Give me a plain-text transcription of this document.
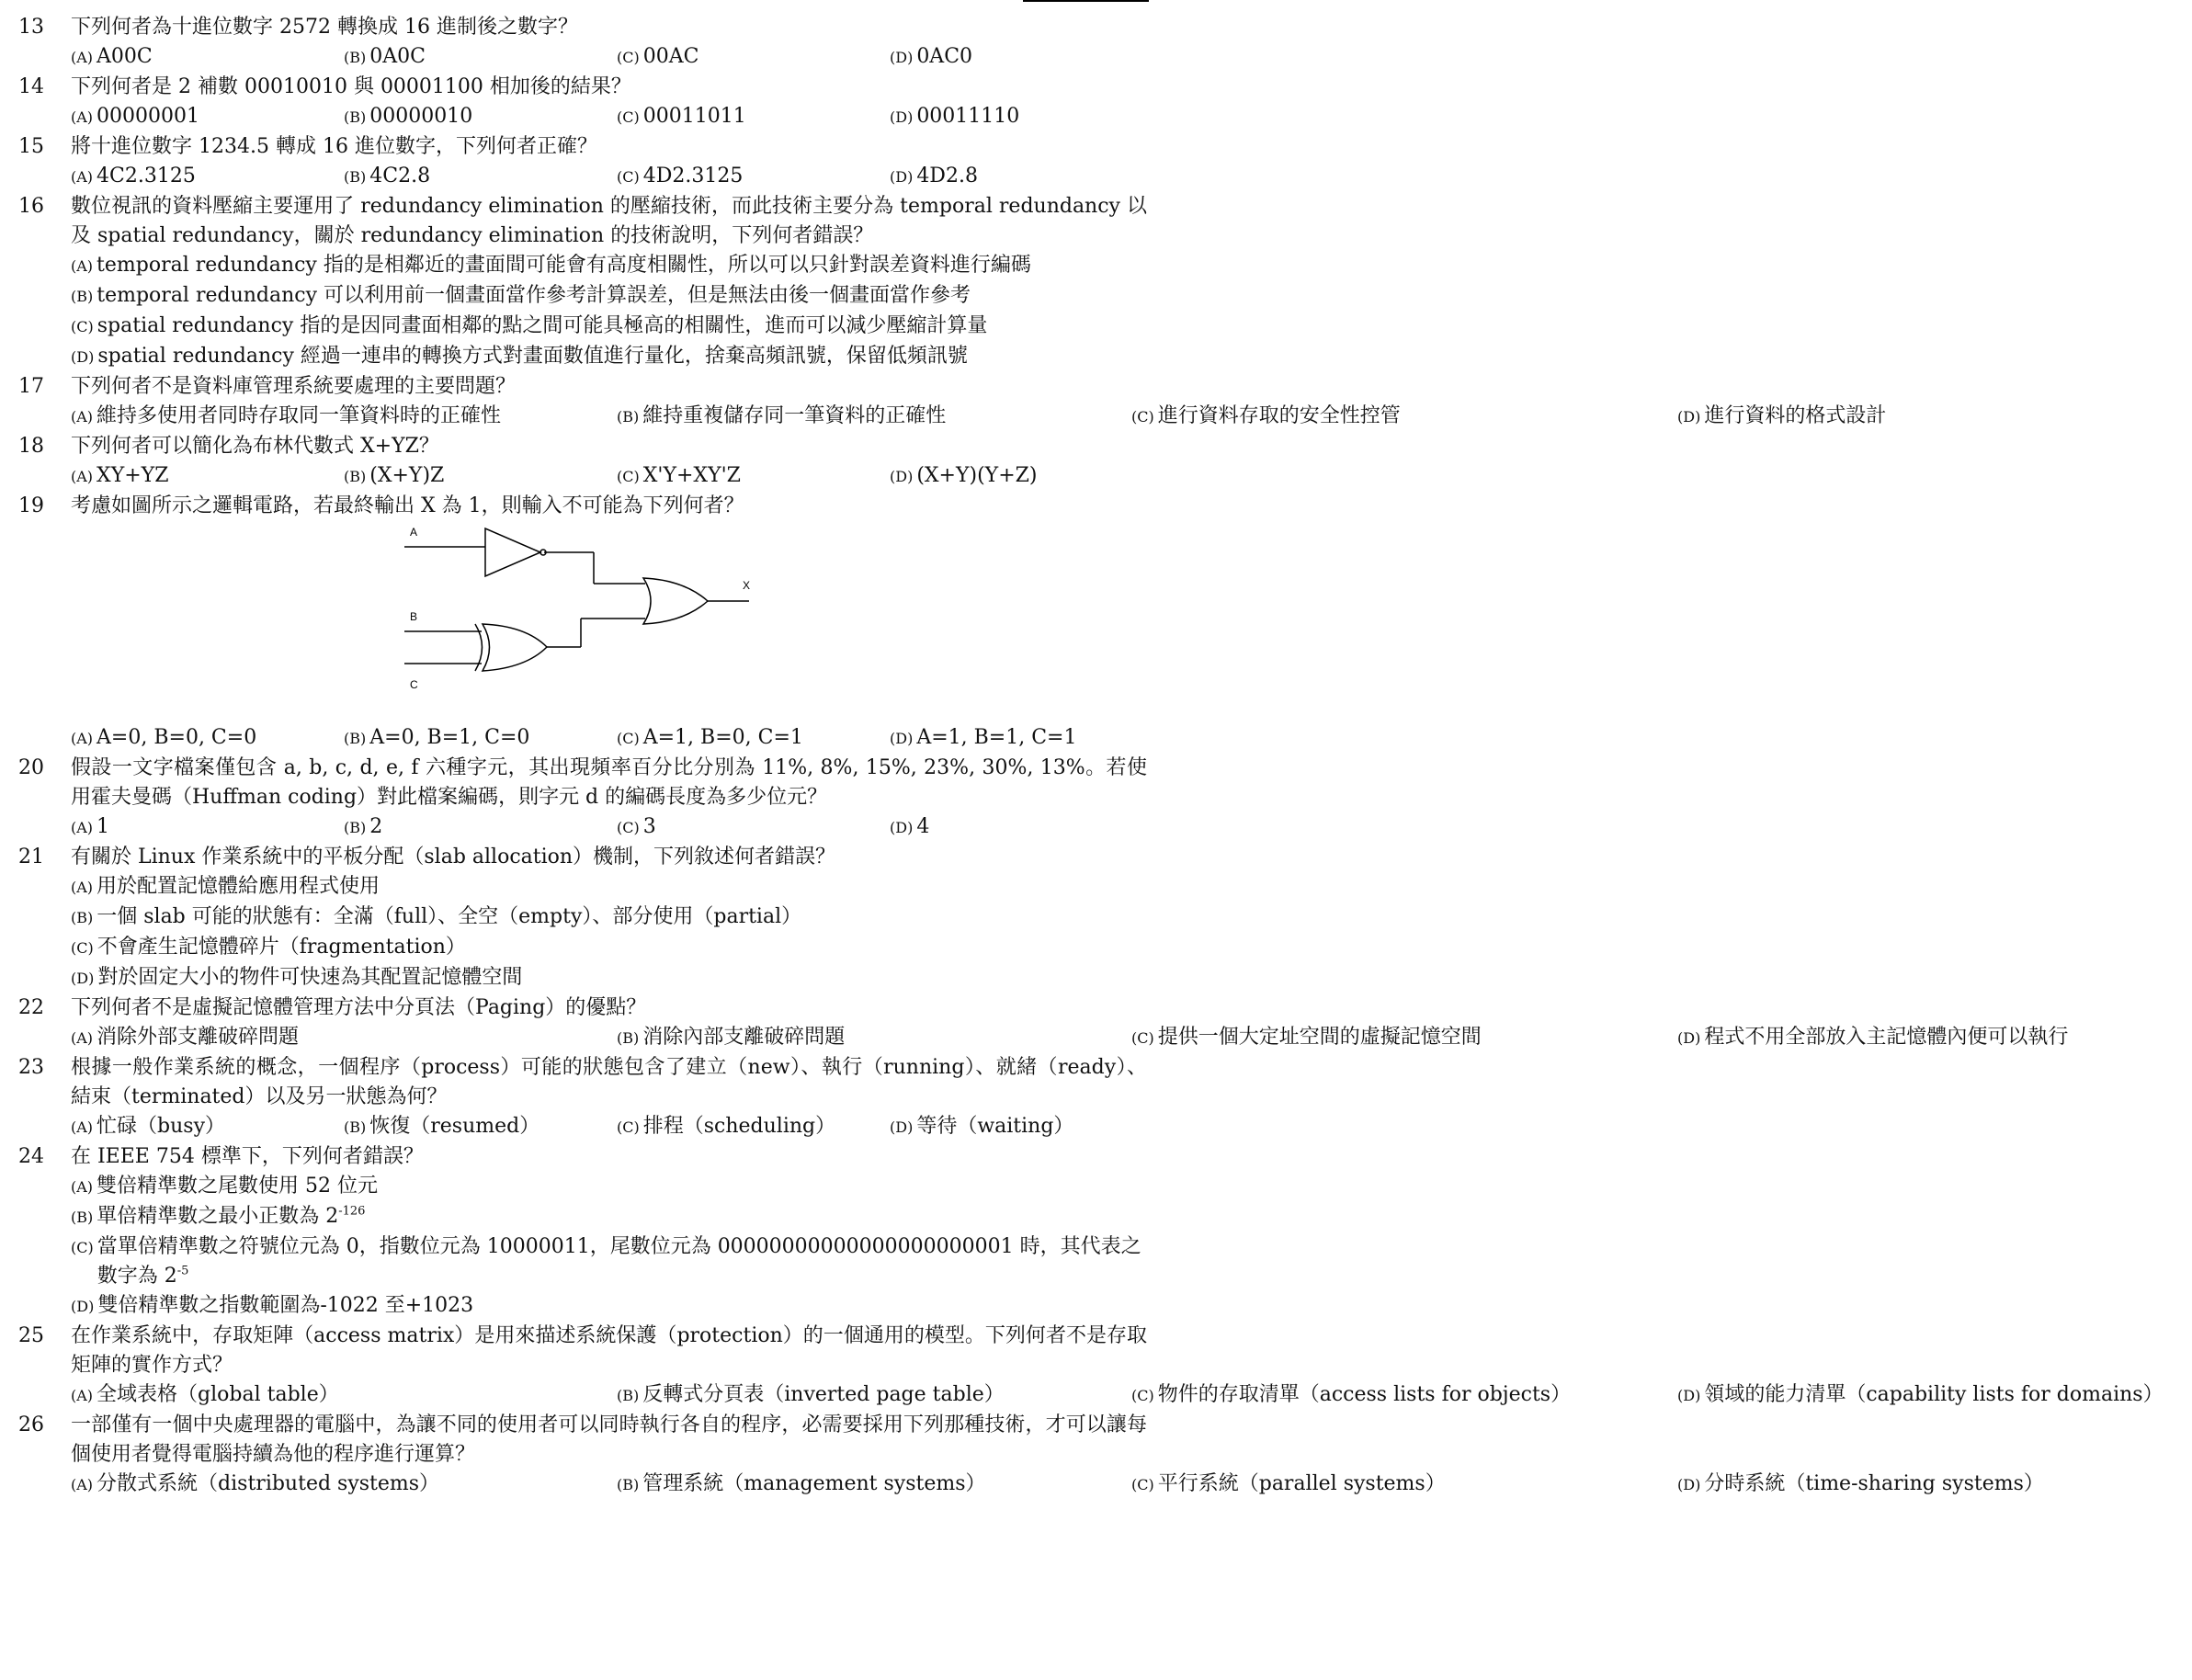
13	下列何者為十進位數字 2572 轉換成 16 進制後之數字？
(A) A00C	(B) 0A0C	(C) 00AC	(D) 0AC0
14	下列何者是 2 補數 00010010 與 00001100 相加後的結果？
(A) 00000001	(B) 00000010	(C) 00011011	(D) 00011110
15	將十進位數字 1234.5 轉成 16 進位數字，下列何者正確？
(A) 4C2.3125	(B) 4C2.8	(C) 4D2.3125	(D) 4D2.8
16	數位視訊的資料壓縮主要運用了 redundancy elimination 的壓縮技術，而此技術主要分為 temporal redundancy 以及 spatial redundancy，關於 redundancy elimination 的技術說明，下列何者錯誤？
(A) temporal redundancy 指的是相鄰近的畫面間可能會有高度相關性，所以可以只針對誤差資料進行編碼
(B) temporal redundancy 可以利用前一個畫面當作參考計算誤差，但是無法由後一個畫面當作參考
(C) spatial redundancy 指的是因同畫面相鄰的點之間可能具極高的相關性，進而可以減少壓縮計算量
(D) spatial redundancy 經過一連串的轉換方式對畫面數值進行量化，捨棄高頻訊號，保留低頻訊號
17	下列何者不是資料庫管理系統要處理的主要問題？
(A) 維持多使用者同時存取同一筆資料時的正確性	(B) 維持重複儲存同一筆資料的正確性	(C) 進行資料存取的安全性控管	(D) 進行資料的格式設計
18	下列何者可以簡化為布林代數式 X+YZ？
(A) XY+YZ	(B) (X+Y)Z	(C) X'Y+XY'Z	(D) (X+Y)(Y+Z)
19	考慮如圖所示之邏輯電路，若最終輸出 X 為 1，則輸入不可能為下列何者？
A
B
C
X
(A) A=0, B=0, C=0	(B) A=0, B=1, C=0	(C) A=1, B=0, C=1	(D) A=1, B=1, C=1
20	假設一文字檔案僅包含 a, b, c, d, e, f 六種字元，其出現頻率百分比分別為 11%, 8%, 15%, 23%, 30%, 13%。若使用霍夫曼碼（Huffman coding）對此檔案編碼，則字元 d 的編碼長度為多少位元？
(A) 1	(B) 2	(C) 3	(D) 4
21	有關於 Linux 作業系統中的平板分配（slab allocation）機制，下列敘述何者錯誤？
(A) 用於配置記憶體給應用程式使用
(B) 一個 slab 可能的狀態有：全滿（full）、全空（empty）、部分使用（partial）
(C) 不會產生記憶體碎片（fragmentation）
(D) 對於固定大小的物件可快速為其配置記憶體空間
22	下列何者不是虛擬記憶體管理方法中分頁法（Paging）的優點？
(A) 消除外部支離破碎問題	(B) 消除內部支離破碎問題	(C) 提供一個大定址空間的虛擬記憶空間	(D) 程式不用全部放入主記憶體內便可以執行
23	根據一般作業系統的概念，一個程序（process）可能的狀態包含了建立（new）、執行（running）、就緒（ready）、結束（terminated）以及另一狀態為何？
(A) 忙碌（busy）	(B) 恢復（resumed）	(C) 排程（scheduling）	(D) 等待（waiting）
24	在 IEEE 754 標準下，下列何者錯誤？
(A) 雙倍精準數之尾數使用 52 位元
(B) 單倍精準數之最小正數為 $2^{-126}$
(C) 當單倍精準數之符號位元為 0，指數位元為 10000011，尾數位元為 00000000000000000000001 時，其代表之數字為 $2^{-5}$
(D) 雙倍精準數之指數範圍為-1022 至+1023
25	在作業系統中，存取矩陣（access matrix）是用來描述系統保護（protection）的一個通用的模型。下列何者不是存取矩陣的實作方式？
(A) 全域表格（global table）	(B) 反轉式分頁表（inverted page table）	(C) 物件的存取清單（access lists for objects）	(D) 領域的能力清單（capability lists for domains）
26	一部僅有一個中央處理器的電腦中，為讓不同的使用者可以同時執行各自的程序，必需要採用下列那種技術，才可以讓每個使用者覺得電腦持續為他的程序進行運算？
(A) 分散式系統（distributed systems）	(B) 管理系統（management systems）	(C) 平行系統（parallel systems）	(D) 分時系統（time-sharing systems）
